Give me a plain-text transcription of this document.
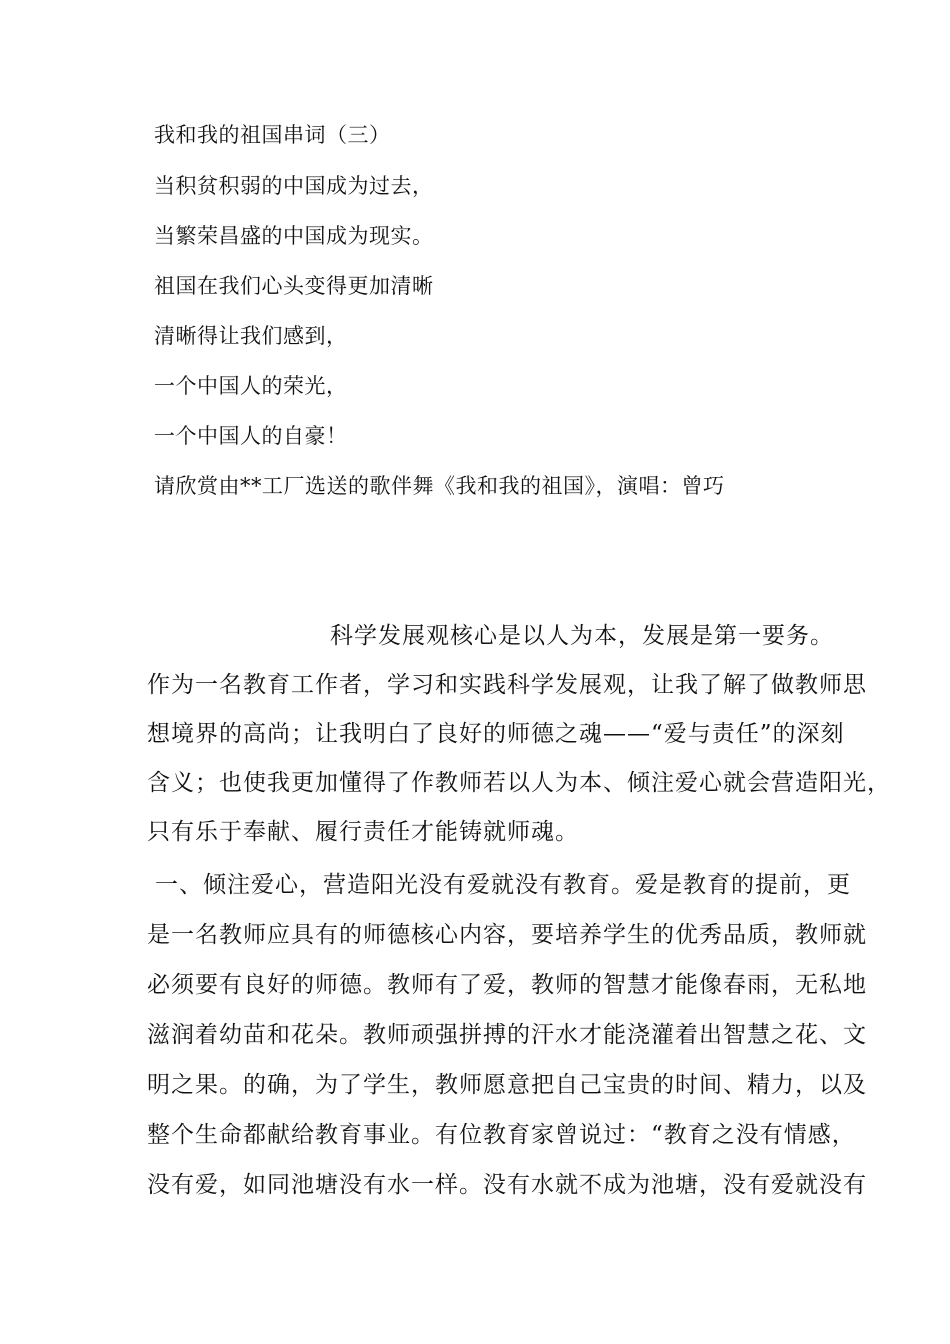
我和我的祖国串词（三）
当积贫积弱的中国成为过去，
当繁荣昌盛的中国成为现实。
祖国在我们心头变得更加清晰
清晰得让我们感到，
一个中国人的荣光，
一个中国人的自豪！
请欣赏由**工厂选送的歌伴舞《我和我的祖国》，演唱：曾巧
科学发展观核心是以人为本，发展是第一要务。
作为一名教育工作者，学习和实践科学发展观，让我了解了做教师思
想境界的高尚；让我明白了良好的师德之魂——“爱与责任”的深刻
含义；也使我更加懂得了作教师若以人为本、倾注爱心就会营造阳光，
只有乐于奉献、履行责任才能铸就师魂。
一、倾注爱心，营造阳光没有爱就没有教育。爱是教育的提前，更
是一名教师应具有的师德核心内容，要培养学生的优秀品质，教师就
必须要有良好的师德。教师有了爱，教师的智慧才能像春雨，无私地
滋润着幼苗和花朵。教师顽强拼搏的汗水才能浇灌着出智慧之花、文
明之果。的确，为了学生，教师愿意把自己宝贵的时间、精力，以及
整个生命都献给教育事业。有位教育家曾说过：“教育之没有情感，
没有爱，如同池塘没有水一样。没有水就不成为池塘，没有爱就没有
